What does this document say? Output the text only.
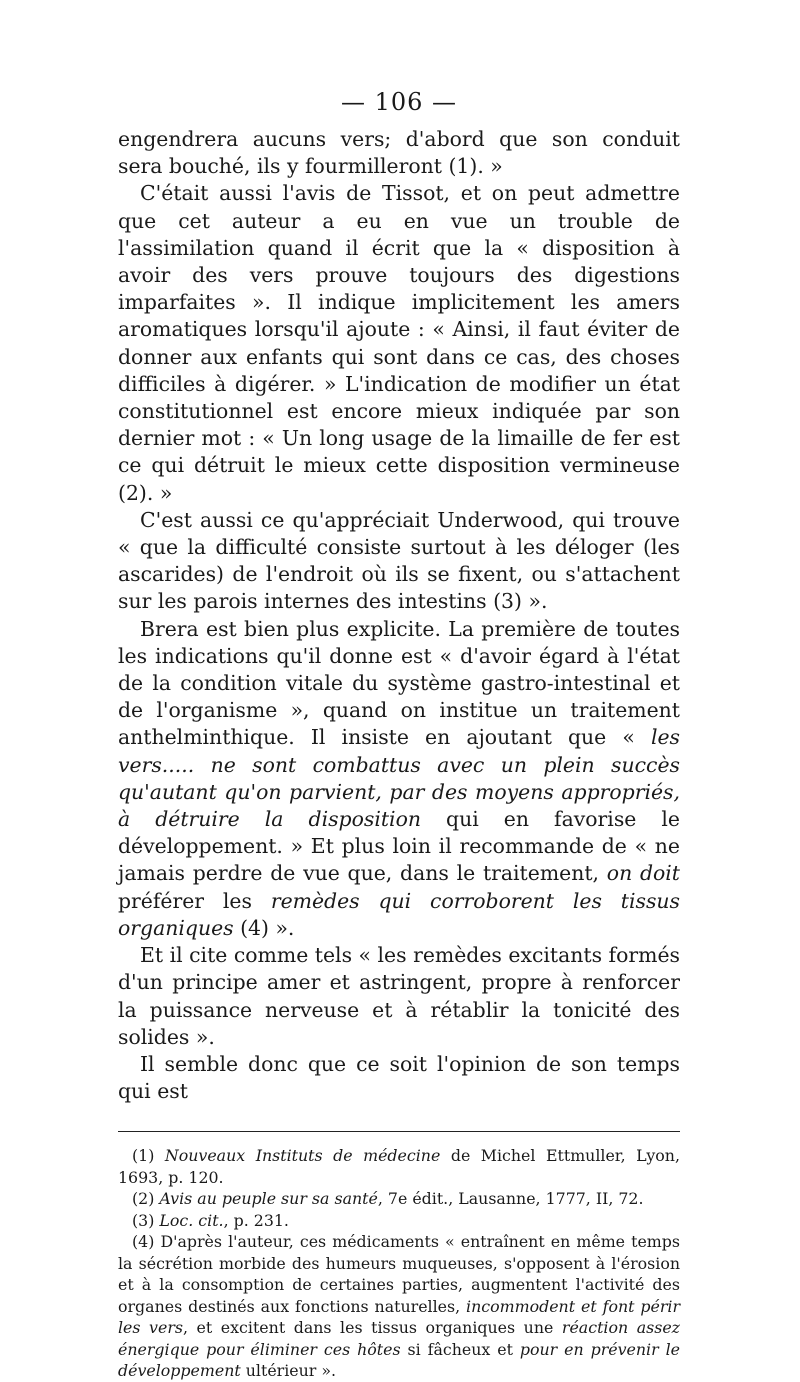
— 106 —

engendrera aucuns vers; d'abord que son conduit sera bouché, ils y fourmilleront (1). »

C'était aussi l'avis de Tissot, et on peut admettre que cet auteur a eu en vue un trouble de l'assimilation quand il écrit que la « disposition à avoir des vers prouve toujours des digestions imparfaites ». Il indique implicitement les amers aromatiques lorsqu'il ajoute : « Ainsi, il faut éviter de donner aux enfants qui sont dans ce cas, des choses difficiles à digérer. » L'indication de modifier un état constitutionnel est encore mieux indiquée par son dernier mot : « Un long usage de la limaille de fer est ce qui détruit le mieux cette disposition vermineuse (2). »

C'est aussi ce qu'appréciait Underwood, qui trouve « que la difficulté consiste surtout à les déloger (les ascarides) de l'endroit où ils se fixent, ou s'attachent sur les parois internes des intestins (3) ».

Brera est bien plus explicite. La première de toutes les indications qu'il donne est « d'avoir égard à l'état de la condition vitale du système gastro-intestinal et de l'organisme », quand on institue un traitement anthelminthique. Il insiste en ajoutant que « les vers..... ne sont combattus avec un plein succès qu'autant qu'on parvient, par des moyens appropriés, à détruire la disposition qui en favorise le développement. » Et plus loin il recommande de « ne jamais perdre de vue que, dans le traitement, on doit préférer les remèdes qui corroborent les tissus organiques (4) ».

Et il cite comme tels « les remèdes excitants formés d'un principe amer et astringent, propre à renforcer la puissance nerveuse et à rétablir la tonicité des solides ».

Il semble donc que ce soit l'opinion de son temps qui est

(1) Nouveaux Instituts de médecine de Michel Ettmuller, Lyon, 1693, p. 120.

(2) Avis au peuple sur sa santé, 7e édit., Lausanne, 1777, II, 72.

(3) Loc. cit., p. 231.

(4) D'après l'auteur, ces médicaments « entraînent en même temps la sécrétion morbide des humeurs muqueuses, s'opposent à l'érosion et à la consomption de certaines parties, augmentent l'activité des organes destinés aux fonctions naturelles, incommodent et font périr les vers, et excitent dans les tissus organiques une réaction assez énergique pour éliminer ces hôtes si fâcheux et pour en prévenir le développement ultérieur ».
